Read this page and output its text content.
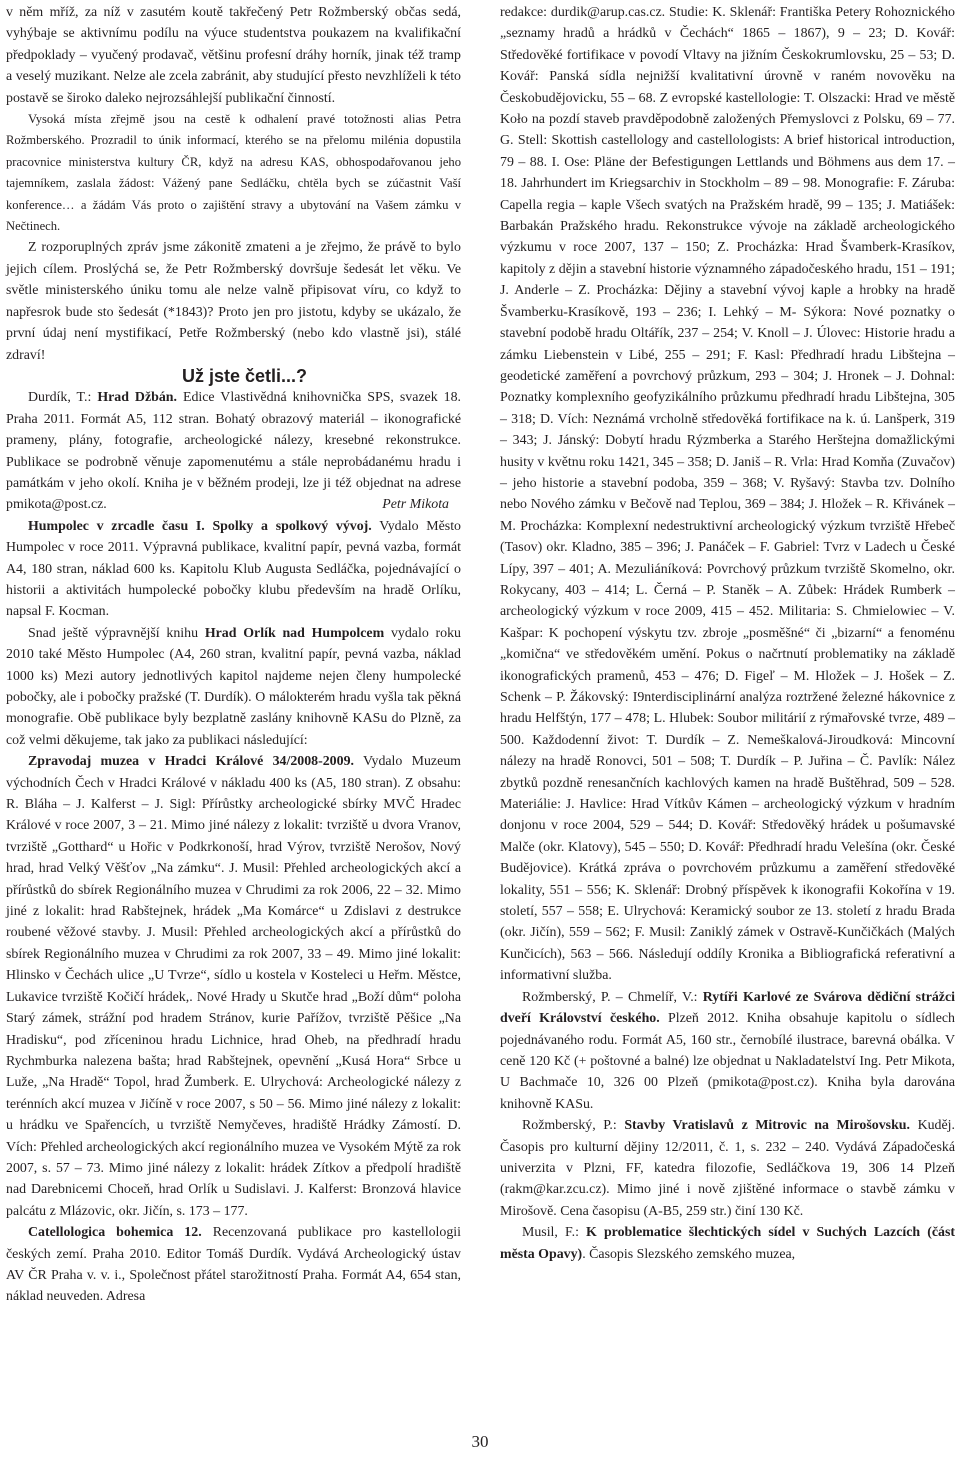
v něm mříž, za níž v zasutém koutě takřečený Petr Rožmberský občas sedá, vyhýbaje se aktivnímu podílu na výuce studentstva poukazem na kvalifikační předpoklady – vyučený prodavač, většinu profesní dráhy horník, jinak též tramp a veselý muzikant. Nelze ale zcela zabránit, aby studující přesto nevzhlíželi k této postavě se široko daleko nejrozsáhlejší publikační činností.

Vysoká místa zřejmě jsou na cestě k odhalení pravé totožnosti alias Petra Rožmberského. Prozradil to únik informací, kterého se na přelomu milénia dopustila pracovnice ministerstva kultury ČR, když na adresu KAS, obhospodařovanou jeho tajemníkem, zaslala žádost: Vážený pane Sedláčku, chtěla bych se zúčastnit Vaší konference… a žádám Vás proto o zajištění stravy a ubytování na Vašem zámku v Nečtinech.

Z rozporuplných zpráv jsme zákonitě zmateni a je zřejmo, že právě to bylo jejich cílem. Proslýchá se, že Petr Rožmberský dovršuje šedesát let věku. Ve světle ministerského úniku tomu ale nelze valně připisovat víru, co když to napřesrok bude sto šedesát (*1843)? Proto jen pro jistotu, kdyby se ukázalo, že první údaj není mystifikací, Petře Rožmberský (nebo kdo vlastně jsi), stálé zdraví!

Už jste četli...?

Durdík, T.: Hrad Džbán. Edice Vlastivědná knihovnička SPS, svazek 18. Praha 2011. Formát A5, 112 stran. Bohatý obrazový materiál – ikonografické prameny, plány, fotografie, archeologické nálezy, kresebné rekonstrukce. Publikace se podrobně věnuje zapomenutému a stále neprobádanému hradu i památkám v jeho okolí. Kniha je v běžném prodeji, lze ji též objednat na adrese pmikota@post.cz.	Petr Mikota

Humpolec v zrcadle času I. Spolky a spolkový vývoj. Vydalo Město Humpolec v roce 2011. Výpravná publikace, kvalitní papír, pevná vazba, formát A4, 180 stran, náklad 600 ks. Kapitolu Klub Augusta Sedláčka, pojednávající o historii a aktivitách humpolecké pobočky klubu především na hradě Orlíku, napsal F. Kocman.

Snad ještě výpravnější knihu Hrad Orlík nad Humpolcem vydalo roku 2010 také Město Humpolec (A4, 260 stran, kvalitní papír, pevná vazba, náklad 1000 ks) Mezi autory jednotlivých kapitol najdeme nejen členy humpolecké pobočky, ale i pobočky pražské (T. Durdík). O málokterém hradu vyšla tak pěkná monografie. Obě publikace byly bezplatně zaslány knihovně KASu do Plzně, za což velmi děkujeme, tak jako za publikaci následující:

Zpravodaj muzea v Hradci Králové 34/2008-2009. Vydalo Muzeum východních Čech v Hradci Králové v nákladu 400 ks (A5, 180 stran). Z obsahu: R. Bláha – J. Kalferst – J. Sigl: Přírůstky archeologické sbírky MVČ Hradec Králové v roce 2007, 3 – 21. Mimo jiné nálezy z lokalit: tvrziště u dvora Vranov, tvrziště „Gotthard“ u Hořic v Podkrkonoší, hrad Výrov, tvrziště Nerošov, Nový hrad, hrad Velký Věšťov „Na zámku“. J. Musil: Přehled archeologických akcí a přírůstků do sbírek Regionálního muzea v Chrudimi za rok 2006, 22 – 32. Mimo jiné z lokalit: hrad Rabštejnek, hrádek „Ma Komárce“ u Zdislavi z destrukce roubené věžové stavby. J. Musil: Přehled archeologických akcí a přírůstků do sbírek Regionálního muzea v Chrudimi za rok 2007, 33 – 49. Mimo jiné lokalit: Hlinsko v Čechách ulice „U Tvrze“, sídlo u kostela v Kosteleci u Heřm. Městce, Lukavice tvrziště Kočičí hrádek,. Nové Hrady u Skutče hrad „Boží dům“ poloha Starý zámek, strážní pod hradem Stránov, kurie Pařížov, tvrziště Pěšice „Na Hradisku“, pod zříceninou hradu Lichnice, hrad Oheb, na předhradí hradu Rychmburka nalezena bašta; hrad Rabštejnek, opevnění „Kusá Hora“ Srbce u Luže, „Na Hradě“ Topol, hrad Žumberk. E. Ulrychová: Archeologické nálezy z terénních akcí muzea v Jičíně v roce 2007, s 50 – 56. Mimo jiné nálezy z lokalit: u hrádku ve Spařencích, u tvrziště Nemyčeves, hradiště Hrádky Zámostí. D. Vích: Přehled archeologických akcí regionálního muzea ve Vysokém Mýtě za rok 2007, s. 57 – 73. Mimo jiné nálezy z lokalit: hrádek Zítkov a předpolí hradiště nad Darebnicemi Choceň, hrad Orlík u Sudislavi. J. Kalferst: Bronzová hlavice palcátu z Mlázovic, okr. Jičín, s. 173 – 177.

Catellologica bohemica 12. Recenzovaná publikace pro kastellologii českých zemí. Praha 2010. Editor Tomáš Durdík. Vydává Archeologický ústav AV ČR Praha v. v. i., Společnost přátel starožitností Praha. Formát A4, 654 stan, náklad neuveden. Adresa

redakce: durdik@arup.cas.cz. Studie: K. Sklenář: Františka Petery Rohoznického „seznamy hradů a hrádků v Čechách“ 1865 – 1867), 9 – 23; D. Kovář: Středověké fortifikace v povodí Vltavy na jižním Českokrumlovsku, 25 – 53; D. Kovář: Panská sídla nejnižší kvalitativní úrovně v raném novověku na Českobudějovicku, 55 – 68. Z evropské kastellologie: T. Olszacki: Hrad ve městě Koło na pozdí staveb pravděpodobně založených Přemyslovci z Polsku, 69 – 77. G. Stell: Skottish castellology and castellologists: A brief historical introduction, 79 – 88. I. Ose: Pläne der Befestigungen Lettlands und Böhmens aus dem 17. – 18. Jahrhundert im Kriegsarchiv in Stockholm – 89 – 98. Monografie: F. Záruba: Capella regia – kaple Všech svatých na Pražském hradě, 99 – 135; J. Matiášek: Barbakán Pražského hradu. Rekonstrukce vývoje na základě archeologického výzkumu v roce 2007, 137 – 150; Z. Procházka: Hrad Švamberk-Krasíkov, kapitoly z dějin a stavební historie významného západočeského hradu, 151 – 191; J. Anderle – Z. Procházka: Dějiny a stavební vývoj kaple a hrobky na hradě Švamberku-Krasíkově, 193 – 236; I. Lehký – M- Sýkora: Nové poznatky o stavební podobě hradu Oltářík, 237 – 254; V. Knoll – J. Úlovec: Historie hradu a zámku Liebenstein v Libé, 255 – 291; F. Kasl: Předhradí hradu Libštejna – geodetické zaměření a povrchový průzkum, 293 – 304; J. Hronek – J. Dohnal: Poznatky komplexního geofyzikálního průzkumu předhradí hradu Libštejna, 305 – 318; D. Vích: Neznámá vrcholně středověká fortifikace na k. ú. Lanšperk, 319 – 343; J. Jánský: Dobytí hradu Rýzmberka a Starého Herštejna domažlickými husity v květnu roku 1421, 345 – 358; D. Janiš – R. Vrla: Hrad Komňa (Zuvačov) – jeho historie a stavební podoba, 359 – 368; V. Ryšavý: Stavba tzv. Dolního nebo Nového zámku v Bečově nad Teplou, 369 – 384; J. Hložek – R. Křivánek – M. Procházka: Komplexní nedestruktivní archeologický výzkum tvrziště Hřebeč (Tasov) okr. Kladno, 385 – 396; J. Panáček – F. Gabriel: Tvrz v Ladech u České Lípy, 397 – 401; A. Mezuliáníková: Povrchový průzkum tvrziště Skomelno, okr. Rokycany, 403 – 414; L. Černá – P. Staněk – A. Zůbek: Hrádek Rumberk – archeologický výzkum v roce 2009, 415 – 452. Militaria: S. Chmielowiec – V. Kašpar: K pochopení výskytu tzv. zbroje „posměšné“ či „bizarní“ a fenoménu „komična“ ve středověkém umění. Pokus o načrtnutí problematiky na základě ikonografických pramenů, 453 – 476; D. Figeľ – M. Hložek – J. Hošek – Z. Schenk – P. Žákovský: I9nterdisciplinární analýza roztržené železné hákovnice z hradu Helfštýn, 177 – 478; L. Hlubek: Soubor militárií z rýmařovské tvrze, 489 – 500. Každodenní život: T. Durdík – Z. Nemeškalová-Jiroudková: Mincovní nálezy na hradě Ronovci, 501 – 508; T. Durdík – P. Juřina – Č. Pavlík: Nález zbytků pozdně renesančních kachlových kamen na hradě Buštěhrad, 509 – 528. Materiálie: J. Havlice: Hrad Vítkův Kámen – archeologický výzkum v hradním donjonu v roce 2004, 529 – 544; D. Kovář: Středověký hrádek u pošumavské Malče (okr. Klatovy), 545 – 550; D. Kovář: Předhradí hradu Velešína (okr. České Budějovice). Krátká zpráva o povrchovém průzkumu a zaměření středověké lokality, 551 – 556; K. Sklenář: Drobný příspěvek k ikonografii Kokořína v 19. století, 557 – 558; E. Ulrychová: Keramický soubor ze 13. století z hradu Brada (okr. Jičín), 559 – 562; F. Musil: Zaniklý zámek v Ostravě-Kunčičkách (Malých Kunčicích), 563 – 566. Následují oddíly Kronika a Bibliografická referativní a informativní služba.

Rožmberský, P. – Chmelíř, V.: Rytíři Karlové ze Svárova dědiční strážci dveří Království českého. Plzeň 2012. Kniha obsahuje kapitolu o sídlech pojednávaného rodu. Formát A5, 160 str., černobílé ilustrace, barevná obálka. V ceně 120 Kč (+ poštovné a balné) lze objednat u Nakladatelství Ing. Petr Mikota, U Bachmače 10, 326 00 Plzeň (pmikota@post.cz). Kniha byla darována knihovně KASu.

Rožmberský, P.: Stavby Vratislavů z Mitrovic na Mirošovsku. Kuděj. Časopis pro kulturní dějiny 12/2011, č. 1, s. 232 – 240. Vydává Západočeská univerzita v Plzni, FF, katedra filozofie, Sedláčkova 19, 306 14 Plzeň (rakm@kar.zcu.cz). Mimo jiné i nově zjištěné informace o stavbě zámku v Mirošově. Cena časopisu (A-B5, 259 str.) činí 130 Kč.

Musil, F.: K problematice šlechtických sídel v Suchých Lazcích (část města Opavy). Časopis Slezského zemského muzea,

30
